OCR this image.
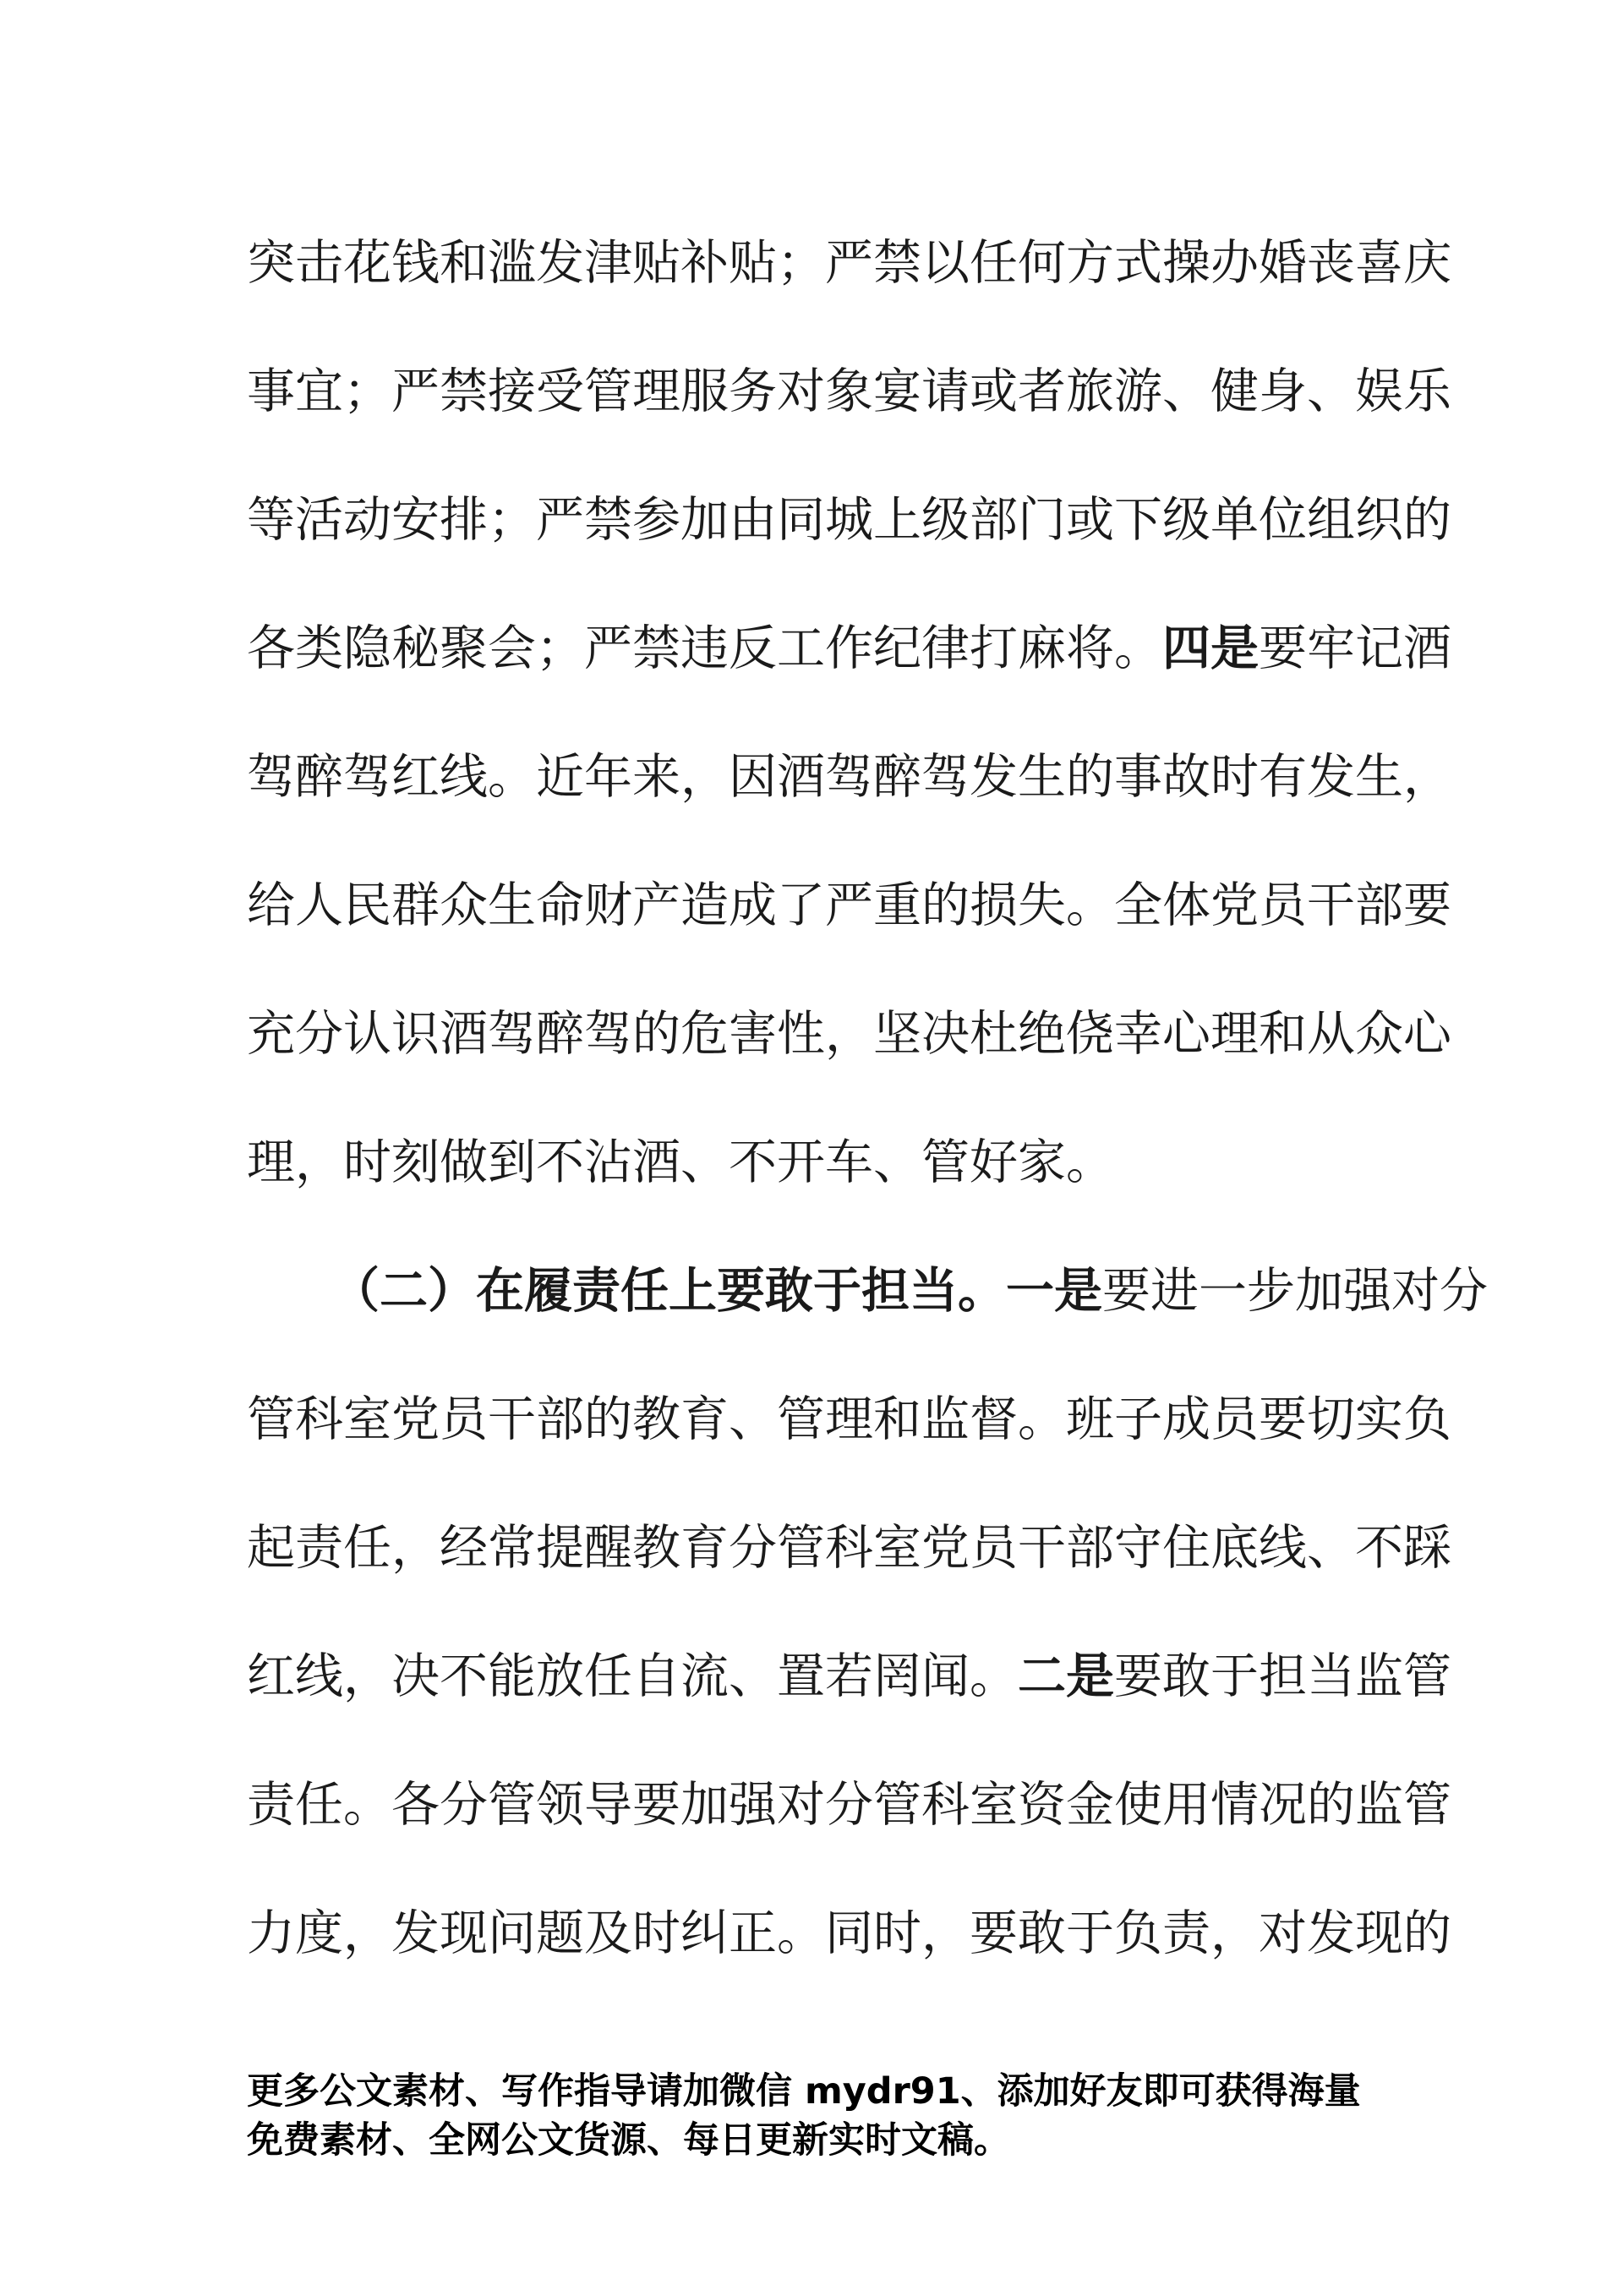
突击花钱和滥发津贴补贴；严禁以任何方式操办婚丧喜庆
事宜；严禁接受管理服务对象宴请或者旅游、健身、娱乐
等活动安排；严禁参加由同城上级部门或下级单位组织的
各类隐秘聚会；严禁违反工作纪律打麻将。四是要牢记酒
驾醉驾红线。近年来，因酒驾醉驾发生的事故时有发生，
给人民群众生命财产造成了严重的损失。全体党员干部要
充分认识酒驾醉驾的危害性，坚决杜绝侥幸心理和从众心
理，时刻做到不沾酒、不开车、管好家。
（二）在履责任上要敢于担当。一是要进一步加强对分
管科室党员干部的教育、管理和监督。班子成员要切实负
起责任，经常提醒教育分管科室党员干部守住底线、不踩
红线，决不能放任自流、置若罔闻。二是要敢于担当监管
责任。各分管领导要加强对分管科室资金使用情况的监管
力度，发现问题及时纠正。同时，要敢于负责，对发现的
更多公文素材、写作指导请加微信 mydr91、添加好友即可获得海量
免费素材、全网公文货源、每日更新实时文稿。
